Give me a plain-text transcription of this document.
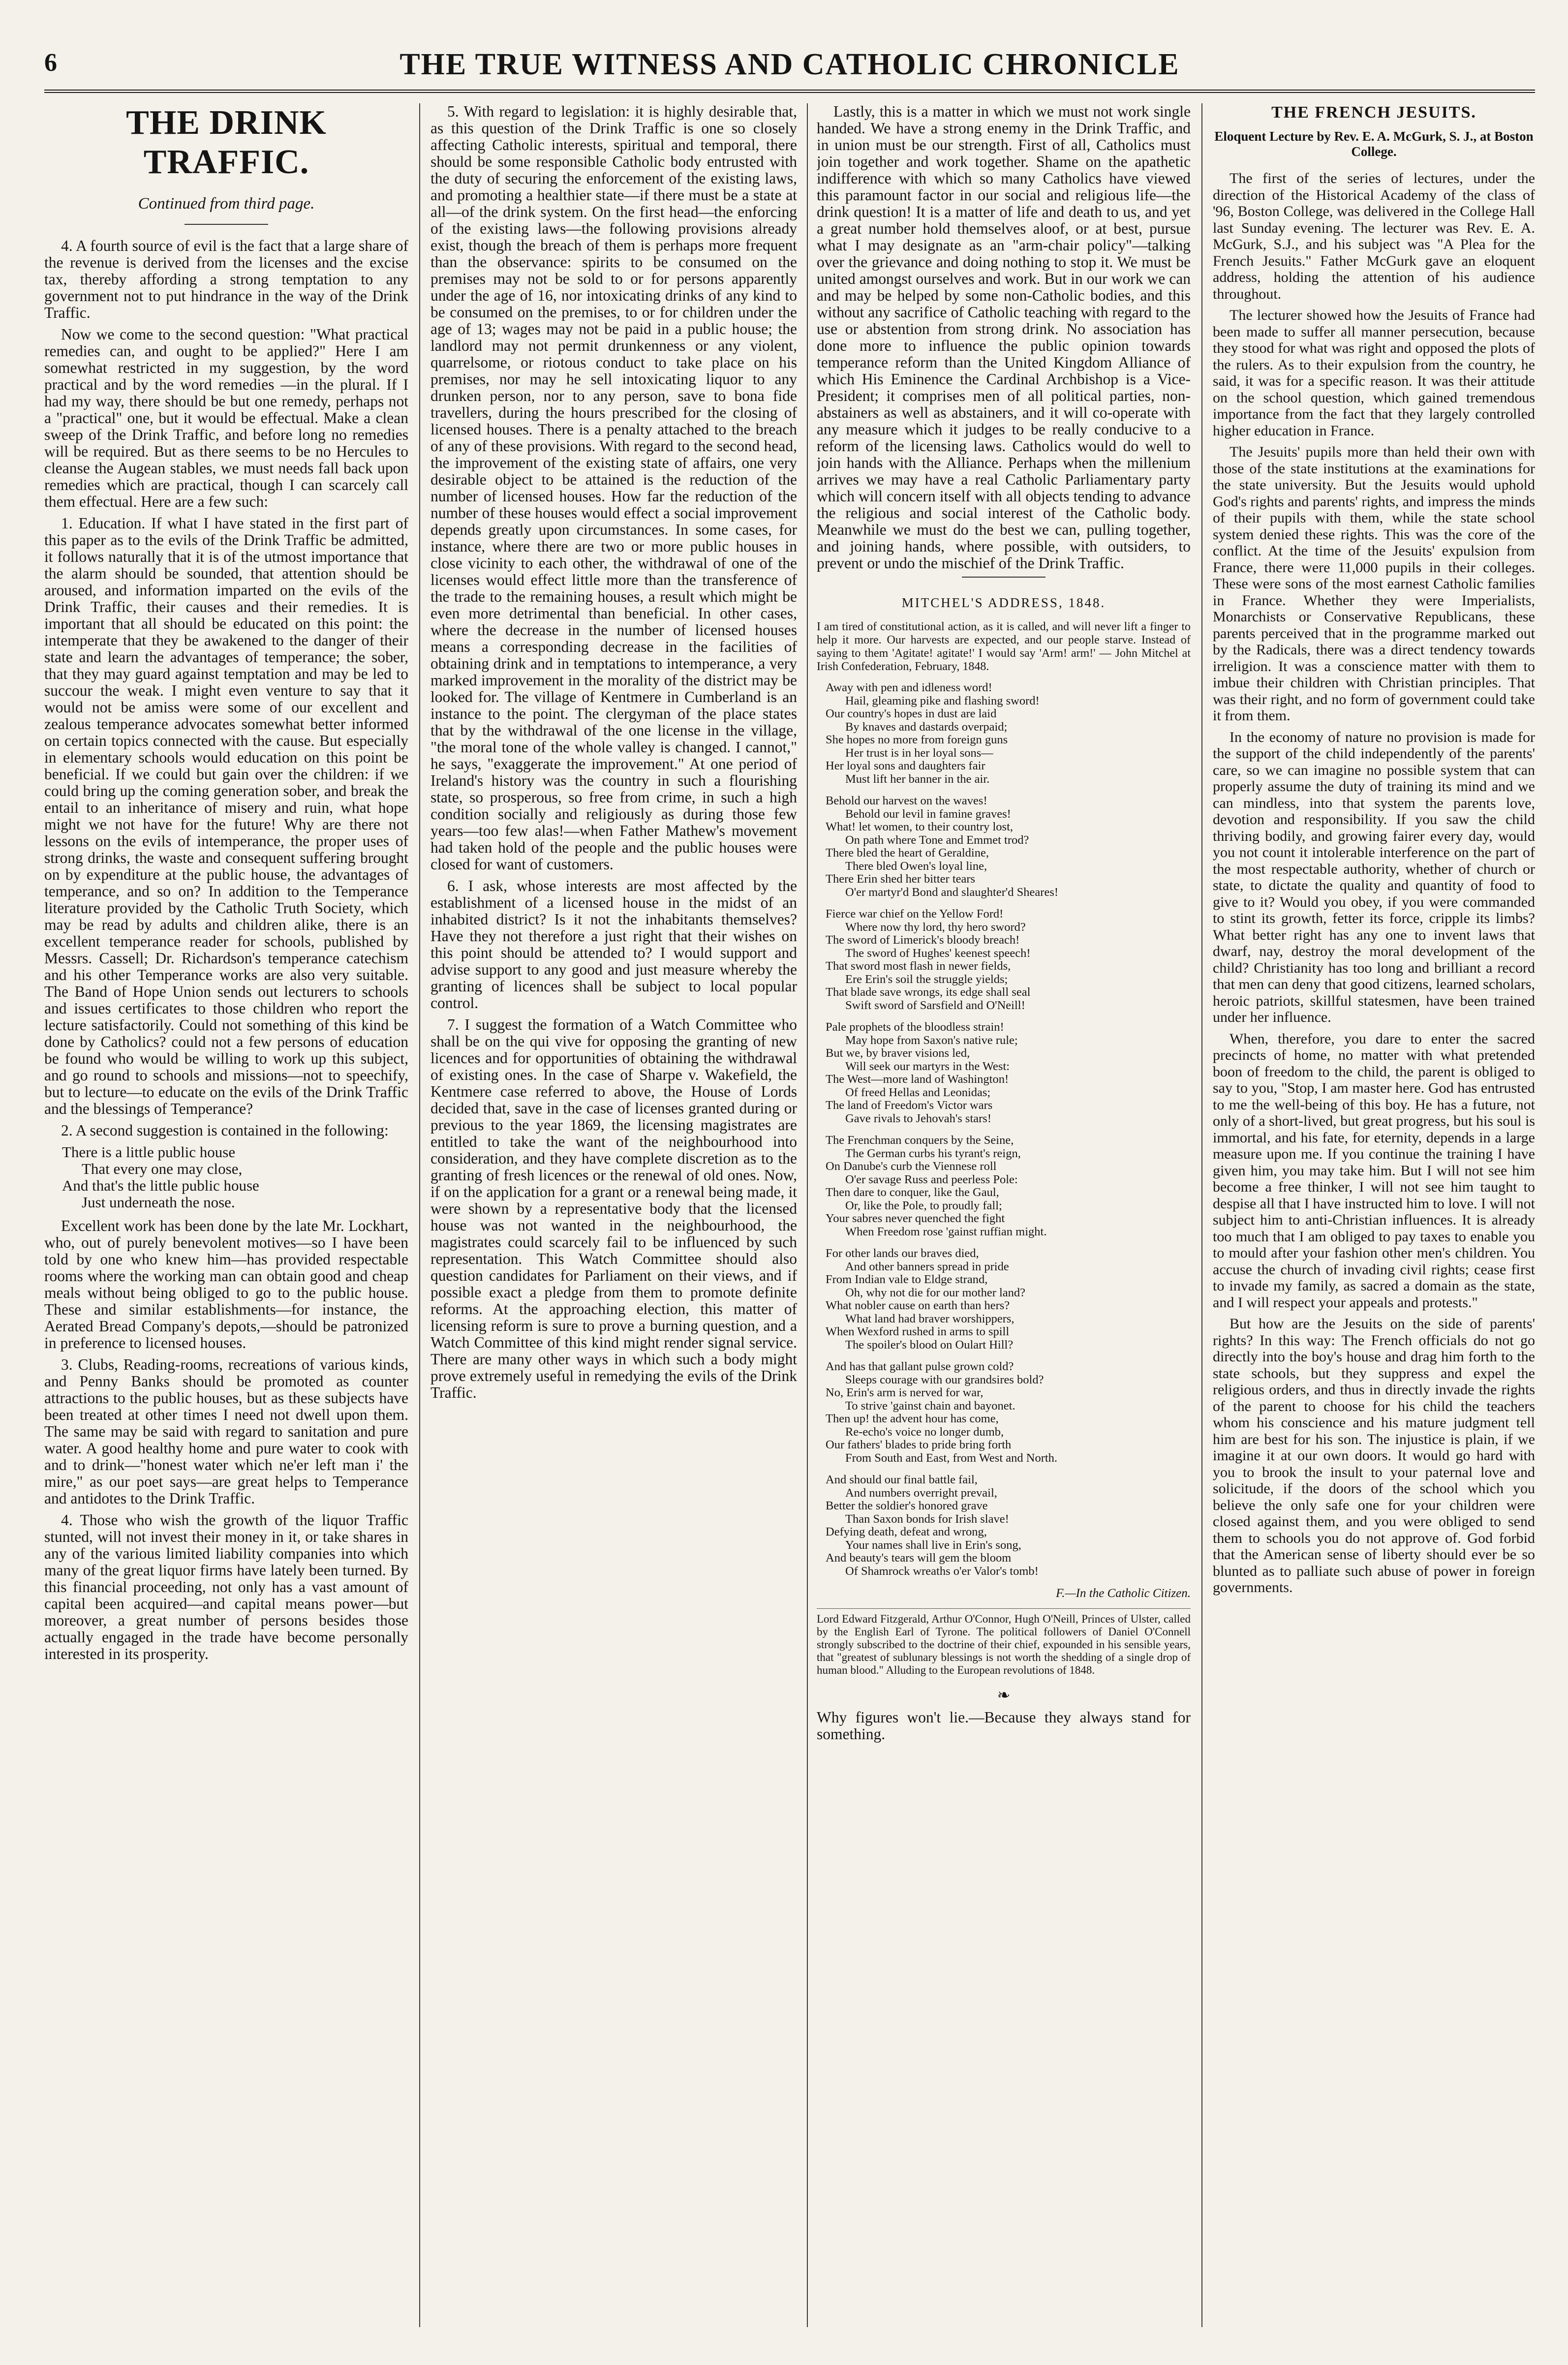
6	THE TRUE WITNESS AND CATHOLIC CHRONICLE
THE DRINK TRAFFIC.
Continued from third page.

4. A fourth source of evil is the fact that a large share of the revenue is derived from the licenses and the excise tax, thereby affording a strong temptation to any government not to put hindrance in the way of the Drink Traffic.

Now we come to the second question: "What practical remedies can, and ought to be applied?" Here I am somewhat restricted in my suggestion, by the word practical and by the word remedies —in the plural. If I had my way, there should be but one remedy, perhaps not a "practical" one, but it would be effectual. Make a clean sweep of the Drink Traffic, and before long no remedies will be required. But as there seems to be no Hercules to cleanse the Augean stables, we must needs fall back upon remedies which are practical, though I can scarcely call them effectual. Here are a few such:

1. Education. If what I have stated in the first part of this paper as to the evils of the Drink Traffic be admitted, it follows naturally that it is of the utmost importance that the alarm should be sounded, that attention should be aroused, and information imparted on the evils of the Drink Traffic, their causes and their remedies. It is important that all should be educated on this point: the intemperate that they be awakened to the danger of their state and learn the advantages of temperance; the sober, that they may guard against temptation and may be led to succour the weak. I might even venture to say that it would not be amiss were some of our excellent and zealous temperance advocates somewhat better informed on certain topics connected with the cause. But especially in elementary schools would education on this point be beneficial. If we could but gain over the children: if we could bring up the coming generation sober, and break the entail to an inheritance of misery and ruin, what hope might we not have for the future! Why are there not lessons on the evils of intemperance, the proper uses of strong drinks, the waste and consequent suffering brought on by expenditure at the public house, the advantages of temperance, and so on? In addition to the Temperance literature provided by the Catholic Truth Society, which may be read by adults and children alike, there is an excellent temperance reader for schools, published by Messrs. Cassell; Dr. Richardson's temperance catechism and his other Temperance works are also very suitable. The Band of Hope Union sends out lecturers to schools and issues certificates to those children who report the lecture satisfactorily. Could not something of this kind be done by Catholics? could not a few persons of education be found who would be willing to work up this subject, and go round to schools and missions—not to speechify, but to lecture—to educate on the evils of the Drink Traffic and the blessings of Temperance?

2. A second suggestion is contained in the following:

There is a little public house
That every one may close,
And that's the little public house
Just underneath the nose.

Excellent work has been done by the late Mr. Lockhart, who, out of purely benevolent motives—so I have been told by one who knew him—has provided respectable rooms where the working man can obtain good and cheap meals without being obliged to go to the public house. These and similar establishments—for instance, the Aerated Bread Company's depots,—should be patronized in preference to licensed houses.

3. Clubs, Reading-rooms, recreations of various kinds, and Penny Banks should be promoted as counter attractions to the public houses, but as these subjects have been treated at other times I need not dwell upon them. The same may be said with regard to sanitation and pure water. A good healthy home and pure water to cook with and to drink—"honest water which ne'er left man i' the mire," as our poet says—are great helps to Temperance and antidotes to the Drink Traffic.

4. Those who wish the growth of the liquor Traffic stunted, will not invest their money in it, or take shares in any of the various limited liability companies into which many of the great liquor firms have lately been turned. By this financial proceeding, not only has a vast amount of capital been acquired—and capital means power—but moreover, a great number of persons besides those actually engaged in the trade have become personally interested in its prosperity.

5. With regard to legislation: it is highly desirable that, as this question of the Drink Traffic is one so closely affecting Catholic interests, spiritual and temporal, there should be some responsible Catholic body entrusted with the duty of securing the enforcement of the existing laws, and promoting a healthier state—if there must be a state at all—of the drink system. On the first head—the enforcing of the existing laws—the following provisions already exist, though the breach of them is perhaps more frequent than the observance: spirits to be consumed on the premises may not be sold to or for persons apparently under the age of 16, nor intoxicating drinks of any kind to be consumed on the premises, to or for children under the age of 13; wages may not be paid in a public house; the landlord may not permit drunkenness or any violent, quarrelsome, or riotous conduct to take place on his premises, nor may he sell intoxicating liquor to any drunken person, nor to any person, save to bona fide travellers, during the hours prescribed for the closing of licensed houses. There is a penalty attached to the breach of any of these provisions. With regard to the second head, the improvement of the existing state of affairs, one very desirable object to be attained is the reduction of the number of licensed houses. How far the reduction of the number of these houses would effect a social improvement depends greatly upon circumstances. In some cases, for instance, where there are two or more public houses in close vicinity to each other, the withdrawal of one of the licenses would effect little more than the transference of the trade to the remaining houses, a result which might be even more detrimental than beneficial. In other cases, where the decrease in the number of licensed houses means a corresponding decrease in the facilities of obtaining drink and in temptations to intemperance, a very marked improvement in the morality of the district may be looked for. The village of Kentmere in Cumberland is an instance to the point. The clergyman of the place states that by the withdrawal of the one license in the village, "the moral tone of the whole valley is changed. I cannot," he says, "exaggerate the improvement." At one period of Ireland's history was the country in such a flourishing state, so prosperous, so free from crime, in such a high condition socially and religiously as during those few years—too few alas!—when Father Mathew's movement had taken hold of the people and the public houses were closed for want of customers.

6. I ask, whose interests are most affected by the establishment of a licensed house in the midst of an inhabited district? Is it not the inhabitants themselves? Have they not therefore a just right that their wishes on this point should be attended to? I would support and advise support to any good and just measure whereby the granting of licences shall be subject to local popular control.

7. I suggest the formation of a Watch Committee who shall be on the qui vive for opposing the granting of new licences and for opportunities of obtaining the withdrawal of existing ones. In the case of Sharpe v. Wakefield, the Kentmere case referred to above, the House of Lords decided that, save in the case of licenses granted during or previous to the year 1869, the licensing magistrates are entitled to take the want of the neighbourhood into consideration, and they have complete discretion as to the granting of fresh licences or the renewal of old ones. Now, if on the application for a grant or a renewal being made, it were shown by a representative body that the licensed house was not wanted in the neighbourhood, the magistrates could scarcely fail to be influenced by such representation. This Watch Committee should also question candidates for Parliament on their views, and if possible exact a pledge from them to promote definite reforms. At the approaching election, this matter of licensing reform is sure to prove a burning question, and a Watch Committee of this kind might render signal service. There are many other ways in which such a body might prove extremely useful in remedying the evils of the Drink Traffic.

Lastly, this is a matter in which we must not work single handed. We have a strong enemy in the Drink Traffic, and in union must be our strength. First of all, Catholics must join together and work together. Shame on the apathetic indifference with which so many Catholics have viewed this paramount factor in our social and religious life—the drink question! It is a matter of life and death to us, and yet a great number hold themselves aloof, or at best, pursue what I may designate as an "arm-chair policy"—talking over the grievance and doing nothing to stop it. We must be united amongst ourselves and work. But in our work we can and may be helped by some non-Catholic bodies, and this without any sacrifice of Catholic teaching with regard to the use or abstention from strong drink. No association has done more to influence the public opinion towards temperance reform than the United Kingdom Alliance of which His Eminence the Cardinal Archbishop is a Vice-President; it comprises men of all political parties, non-abstainers as well as abstainers, and it will co-operate with any measure which it judges to be really conducive to a reform of the licensing laws. Catholics would do well to join hands with the Alliance. Perhaps when the millenium arrives we may have a real Catholic Parliamentary party which will concern itself with all objects tending to advance the religious and social interest of the Catholic body. Meanwhile we must do the best we can, pulling together, and joining hands, where possible, with outsiders, to prevent or undo the mischief of the Drink Traffic.

MITCHEL'S ADDRESS, 1848.
I am tired of constitutional action, as it is called, and will never lift a finger to help it more. Our harvests are expected, and our people starve. Instead of saying to them 'Agitate! agitate!' I would say 'Arm! arm!' — John Mitchel at Irish Confederation, February, 1848.
Away with pen and idleness word!
Hail, gleaming pike and flashing sword!
Our country's hopes in dust are laid
By knaves and dastards overpaid;
She hopes no more from foreign guns
Her trust is in her loyal sons—
Her loyal sons and daughters fair
Must lift her banner in the air.
Behold our harvest on the waves!
Behold our levil in famine graves!
What! let women, to their country lost,
On path where Tone and Emmet trod?
There bled the heart of Geraldine,
There bled Owen's loyal line,
There Erin shed her bitter tears
O'er martyr'd Bond and slaughter'd Sheares!
Fierce war chief on the Yellow Ford!
Where now thy lord, thy hero sword?
The sword of Limerick's bloody breach!
The sword of Hughes' keenest speech!
That sword most flash in newer fields,
Ere Erin's soil the struggle yields;
That blade save wrongs, its edge shall seal
Swift sword of Sarsfield and O'Neill!
Pale prophets of the bloodless strain!
May hope from Saxon's native rule;
But we, by braver visions led,
Will seek our martyrs in the West:
The West—more land of Washington!
Of freed Hellas and Leonidas;
The land of Freedom's Victor wars
Gave rivals to Jehovah's stars!
The Frenchman conquers by the Seine,
The German curbs his tyrant's reign,
On Danube's curb the Viennese roll
O'er savage Russ and peerless Pole:
Then dare to conquer, like the Gaul,
Or, like the Pole, to proudly fall;
Your sabres never quenched the fight
When Freedom rose 'gainst ruffian might.
For other lands our braves died,
And other banners spread in pride
From Indian vale to Eldge strand,
Oh, why not die for our mother land?
What nobler cause on earth than hers?
What land had braver worshippers,
When Wexford rushed in arms to spill
The spoiler's blood on Oulart Hill?
And has that gallant pulse grown cold?
Sleeps courage with our grandsires bold?
No, Erin's arm is nerved for war,
To strive 'gainst chain and bayonet.
Then up! the advent hour has come,
Re-echo's voice no longer dumb,
Our fathers' blades to pride bring forth
From South and East, from West and North.
And should our final battle fail,
And numbers overright prevail,
Better the soldier's honored grave
Than Saxon bonds for Irish slave!
Defying death, defeat and wrong,
Your names shall live in Erin's song,
And beauty's tears will gem the bloom
Of Shamrock wreaths o'er Valor's tomb!
F.—In the Catholic Citizen.
Lord Edward Fitzgerald, Arthur O'Connor, Hugh O'Neill, Princes of Ulster, called by the English Earl of Tyrone. The political followers of Daniel O'Connell strongly subscribed to the doctrine of their chief, expounded in his sensible years, that "greatest of sublunary blessings is not worth the shedding of a single drop of human blood." Alluding to the European revolutions of 1848.
❧

Why figures won't lie.—Because they always stand for something.

THE FRENCH JESUITS.
Eloquent Lecture by Rev. E. A. McGurk, S. J., at Boston College.

The first of the series of lectures, under the direction of the Historical Academy of the class of '96, Boston College, was delivered in the College Hall last Sunday evening. The lecturer was Rev. E. A. McGurk, S.J., and his subject was "A Plea for the French Jesuits." Father McGurk gave an eloquent address, holding the attention of his audience throughout.

The lecturer showed how the Jesuits of France had been made to suffer all manner persecution, because they stood for what was right and opposed the plots of the rulers. As to their expulsion from the country, he said, it was for a specific reason. It was their attitude on the school question, which gained tremendous importance from the fact that they largely controlled higher education in France.

The Jesuits' pupils more than held their own with those of the state institutions at the examinations for the state university. But the Jesuits would uphold God's rights and parents' rights, and impress the minds of their pupils with them, while the state school system denied these rights. This was the core of the conflict. At the time of the Jesuits' expulsion from France, there were 11,000 pupils in their colleges. These were sons of the most earnest Catholic families in France. Whether they were Imperialists, Monarchists or Conservative Republicans, these parents perceived that in the programme marked out by the Radicals, there was a direct tendency towards irreligion. It was a conscience matter with them to imbue their children with Christian principles. That was their right, and no form of government could take it from them.

In the economy of nature no provision is made for the support of the child independently of the parents' care, so we can imagine no possible system that can properly assume the duty of training its mind and we can mindless, into that system the parents love, devotion and responsibility. If you saw the child thriving bodily, and growing fairer every day, would you not count it intolerable interference on the part of the most respectable authority, whether of church or state, to dictate the quality and quantity of food to give to it? Would you obey, if you were commanded to stint its growth, fetter its force, cripple its limbs? What better right has any one to invent laws that dwarf, nay, destroy the moral development of the child? Christianity has too long and brilliant a record that men can deny that good citizens, learned scholars, heroic patriots, skillful statesmen, have been trained under her influence.

When, therefore, you dare to enter the sacred precincts of home, no matter with what pretended boon of freedom to the child, the parent is obliged to say to you, "Stop, I am master here. God has entrusted to me the well-being of this boy. He has a future, not only of a short-lived, but great progress, but his soul is immortal, and his fate, for eternity, depends in a large measure upon me. If you continue the training I have given him, you may take him. But I will not see him become a free thinker, I will not see him taught to despise all that I have instructed him to love. I will not subject him to anti-Christian influences. It is already too much that I am obliged to pay taxes to enable you to mould after your fashion other men's children. You accuse the church of invading civil rights; cease first to invade my family, as sacred a domain as the state, and I will respect your appeals and protests."

But how are the Jesuits on the side of parents' rights? In this way: The French officials do not go directly into the boy's house and drag him forth to the state schools, but they suppress and expel the religious orders, and thus in directly invade the rights of the parent to choose for his child the teachers whom his conscience and his mature judgment tell him are best for his son. The injustice is plain, if we imagine it at our own doors. It would go hard with you to brook the insult to your paternal love and solicitude, if the doors of the school which you believe the only safe one for your children were closed against them, and you were obliged to send them to schools you do not approve of. God forbid that the American sense of liberty should ever be so blunted as to palliate such abuse of power in foreign governments.
